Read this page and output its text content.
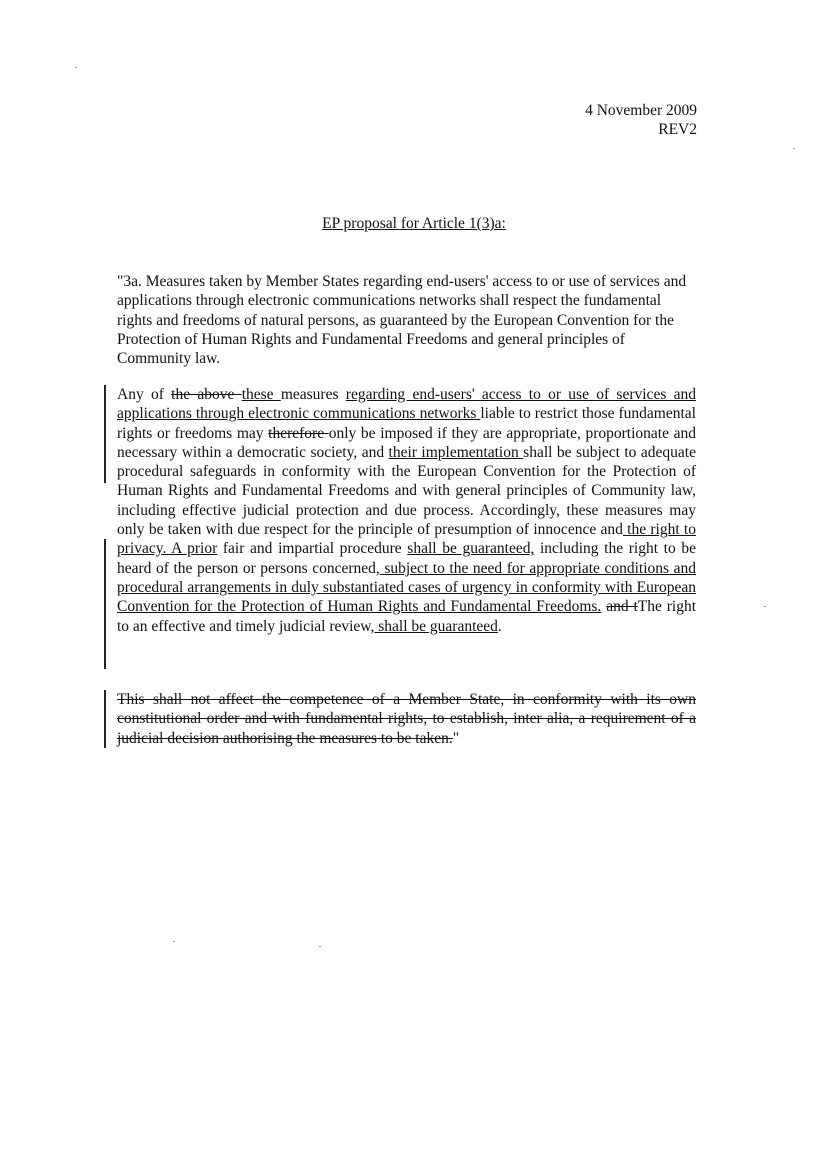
4 November 2009
REV2
EP proposal for Article 1(3)a:
"3a. Measures taken by Member States regarding end-users' access to or use of services and applications through electronic communications networks shall respect the fundamental rights and freedoms of natural persons, as guaranteed by the European Convention for the Protection of Human Rights and Fundamental Freedoms and general principles of Community law.
Any of the above these measures regarding end-users' access to or use of services and applications through electronic communications networks liable to restrict those fundamental rights or freedoms may therefore only be imposed if they are appropriate, proportionate and necessary within a democratic society, and their implementation shall be subject to adequate procedural safeguards in conformity with the European Convention for the Protection of Human Rights and Fundamental Freedoms and with general principles of Community law, including effective judicial protection and due process. Accordingly, these measures may only be taken with due respect for the principle of presumption of innocence and the right to privacy. A prior fair and impartial procedure shall be guaranteed, including the right to be heard of the person or persons concerned, subject to the need for appropriate conditions and procedural arrangements in duly substantiated cases of urgency in conformity with European Convention for the Protection of Human Rights and Fundamental Freedoms. and tThe right to an effective and timely judicial review, shall be guaranteed.
This shall not affect the competence of a Member State, in conformity with its own constitutional order and with fundamental rights, to establish, inter alia, a requirement of a judicial decision authorising the measures to be taken."
